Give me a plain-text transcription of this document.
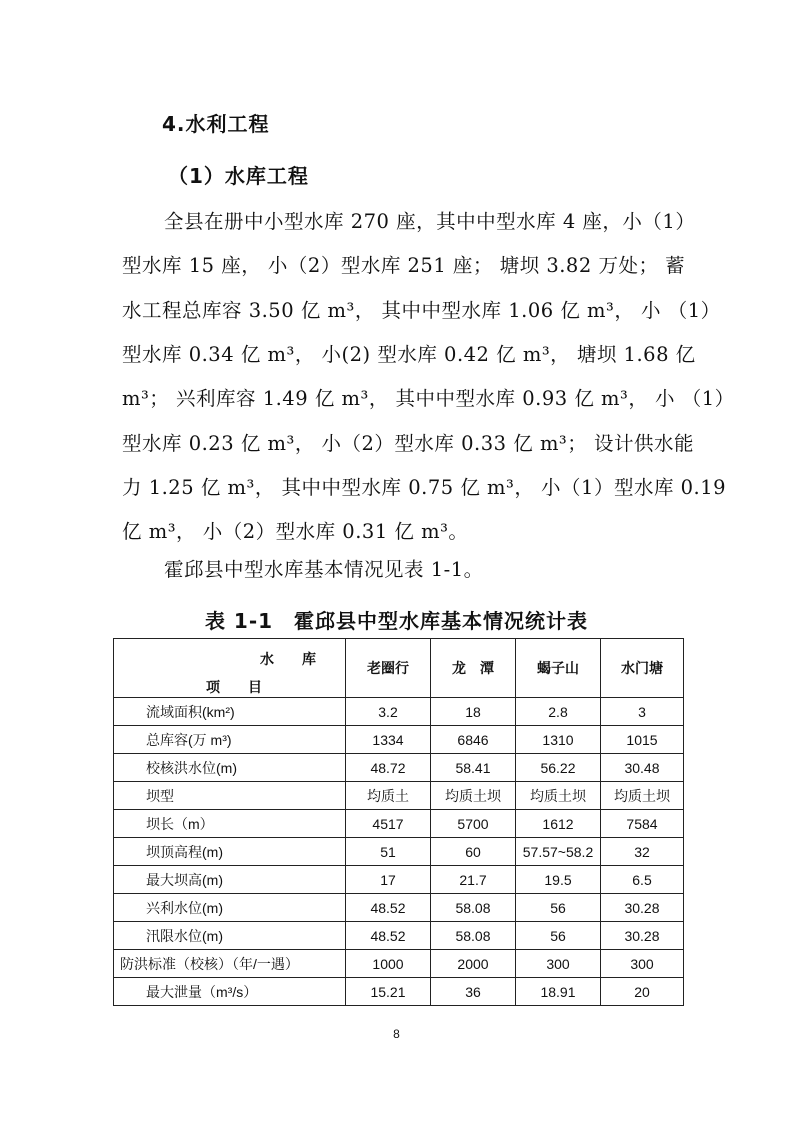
4.水利工程
（1）水库工程
全县在册中小型水库 270 座，其中中型水库 4 座，小（1）
型水库 15 座， 小（2）型水库 251 座； 塘坝 3.82 万处； 蓄
水工程总库容 3.50 亿 m³， 其中中型水库 1.06 亿 m³， 小 （1）
型水库 0.34 亿 m³， 小(2) 型水库 0.42 亿 m³， 塘坝 1.68 亿
m³； 兴利库容 1.49 亿 m³， 其中中型水库 0.93 亿 m³， 小 （1）
型水库 0.23 亿 m³， 小（2）型水库 0.33 亿 m³； 设计供水能
力 1.25 亿 m³， 其中中型水库 0.75 亿 m³， 小（1）型水库 0.19
亿 m³， 小（2）型水库 0.31 亿 m³。
霍邱县中型水库基本情况见表 1-1。
表 1-1　霍邱县中型水库基本情况统计表
水　　库
项　　目	老圈行	龙　潭	蝎子山	水门塘
流域面积(km²)	3.2	18	2.8	3
总库容(万 m³)	1334	6846	1310	1015
校核洪水位(m)	48.72	58.41	56.22	30.48
坝型	均质土	均质土坝	均质土坝	均质土坝
坝长（m）	4517	5700	1612	7584
坝顶高程(m)	51	60	57.57~58.2	32
最大坝高(m)	17	21.7	19.5	6.5
兴利水位(m)	48.52	58.08	56	30.28
汛限水位(m)	48.52	58.08	56	30.28
防洪标准（校核）（年/一遇）	1000	2000	300	300
最大泄量（m³/s）	15.21	36	18.91	20
8
